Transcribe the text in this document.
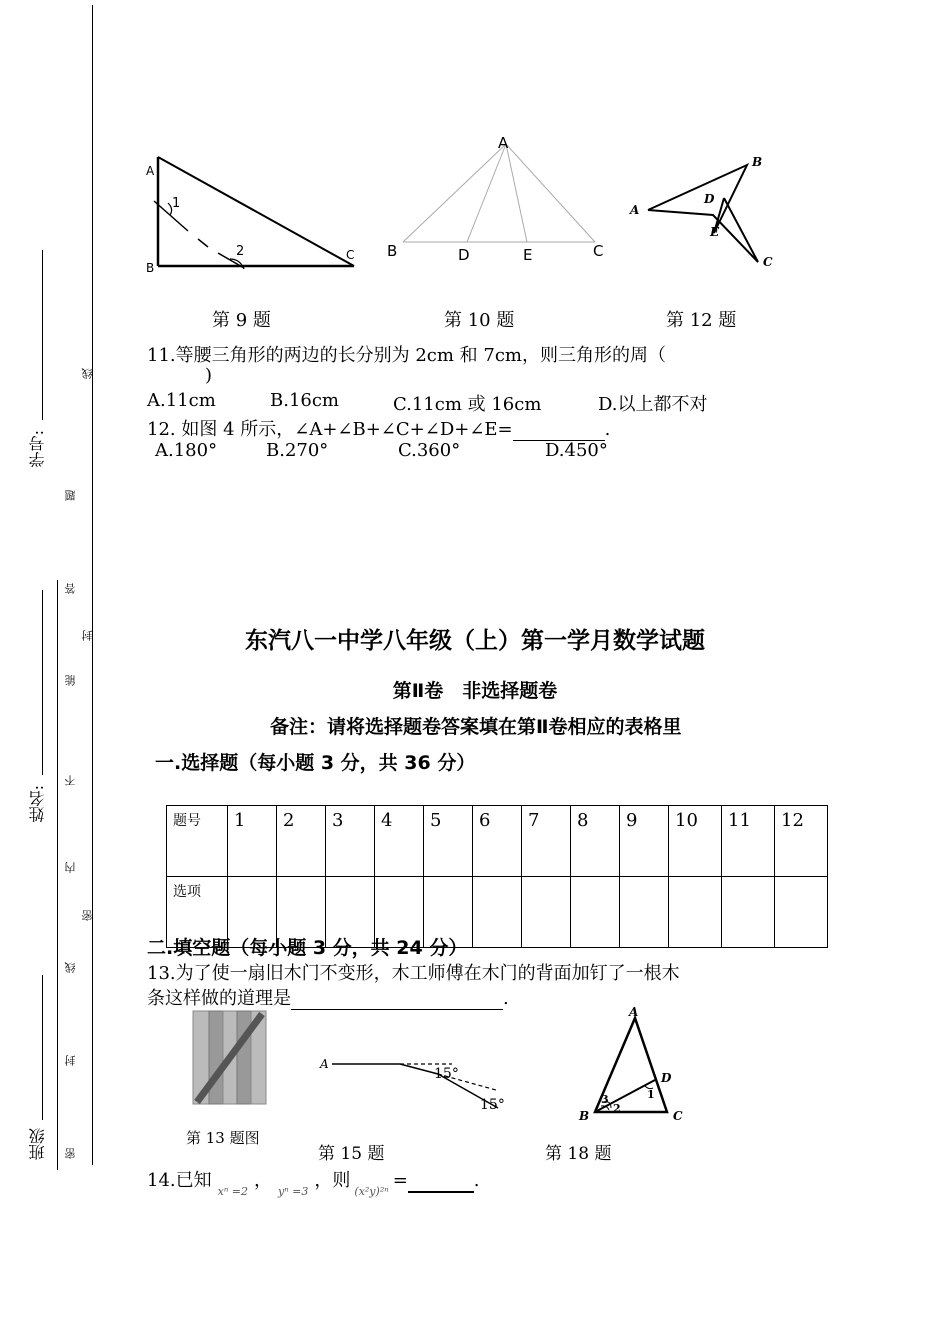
学号:
姓名:
班级
线
题
答
封
能
不
内
密
线
封
密
A
B
C
1
2
第 9 题
A
B	D	E	C
第 10 题
A
B
C
D
E
第 12 题
11.等腰三角形的两边的长分别为 2cm 和 7cm，则三角形的周（
)
A.11cm	B.16cm	C.11cm 或 16cm	D.以上都不对
12. 如图 4 所示，∠A+∠B+∠C+∠D+∠E=	.
A.180°	B.270°	C.360°	D.450°
东汽八一中学八年级（上）第一学月数学试题
第Ⅱ卷　非选择题卷
备注：请将选择题卷答案填在第Ⅱ卷相应的表格里
一.选择题（每小题 3 分，共 36 分）
题号	1	2	3	4	5	6	7	8	9	10	11	12
选项												
二.填空题（每小题 3 分，共 24 分）
13.为了使一扇旧木门不变形，木工师傅在木门的背面加钉了一根木
条这样做的道理是	.
第 13 题图
A
15°
15°
第 15 题
A
B	C
D
1
2
3
第 18 题
14.已知$_{x^n =2}$，$_{y^n =3}$，则$_{(x^2y)^{2n}}$=	.
